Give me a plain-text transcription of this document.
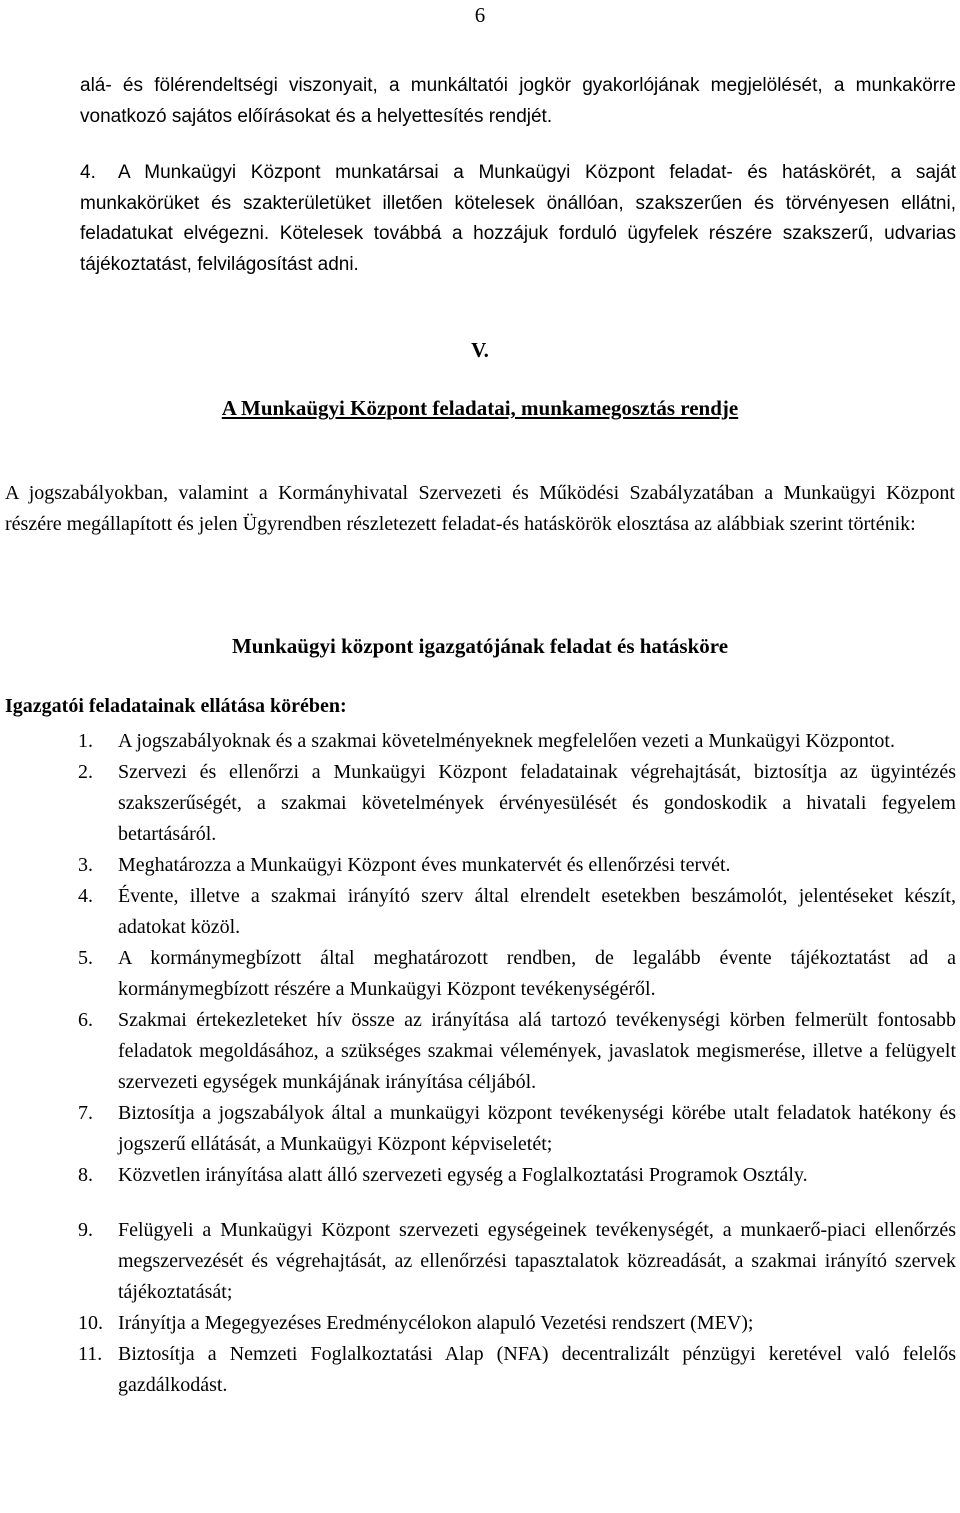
6

alá- és fölérendeltségi viszonyait, a munkáltatói jogkör gyakorlójának megjelölését, a munkakörre vonatkozó sajátos előírásokat és a helyettesítés rendjét.

4. A Munkaügyi Központ munkatársai a Munkaügyi Központ feladat- és hatáskörét, a saját munkakörüket és szakterületüket illetően kötelesek önállóan, szakszerűen és törvényesen ellátni, feladatukat elvégezni. Kötelesek továbbá a hozzájuk forduló ügyfelek részére szakszerű, udvarias tájékoztatást, felvilágosítást adni.

V.
A Munkaügyi Központ feladatai, munkamegosztás rendje

A jogszabályokban, valamint a Kormányhivatal Szervezeti és Működési Szabályzatában a Munkaügyi Központ részére megállapított és jelen Ügyrendben részletezett feladat-és hatáskörök elosztása az alábbiak szerint történik:

Munkaügyi központ igazgatójának feladat és hatásköre
Igazgatói feladatainak ellátása körében:
1.	A jogszabályoknak és a szakmai követelményeknek megfelelően vezeti a Munkaügyi Központot.
2.	Szervezi és ellenőrzi a Munkaügyi Központ feladatainak végrehajtását, biztosítja az ügyintézés szakszerűségét, a szakmai követelmények érvényesülését és gondoskodik a hivatali fegyelem betartásáról.
3.	Meghatározza a Munkaügyi Központ éves munkatervét és ellenőrzési tervét.
4.	Évente, illetve a szakmai irányító szerv által elrendelt esetekben beszámolót, jelentéseket készít, adatokat közöl.
5.	A kormánymegbízott által meghatározott rendben, de legalább évente tájékoztatást ad a kormánymegbízott részére a Munkaügyi Központ tevékenységéről.
6.	Szakmai értekezleteket hív össze az irányítása alá tartozó tevékenységi körben felmerült fontosabb feladatok megoldásához, a szükséges szakmai vélemények, javaslatok megismerése, illetve a felügyelt szervezeti egységek munkájának irányítása céljából.
7.	Biztosítja a jogszabályok által a munkaügyi központ tevékenységi körébe utalt feladatok hatékony és jogszerű ellátását, a Munkaügyi Központ képviseletét;
8.	Közvetlen irányítása alatt álló szervezeti egység a Foglalkoztatási Programok Osztály.
9.	Felügyeli a Munkaügyi Központ szervezeti egységeinek tevékenységét, a munkaerő-piaci ellenőrzés megszervezését és végrehajtását, az ellenőrzési tapasztalatok közreadását, a szakmai irányító szervek tájékoztatását;
10. Irányítja a Megegyezéses Eredménycélokon alapuló Vezetési rendszert (MEV);
11. Biztosítja a Nemzeti Foglalkoztatási Alap (NFA) decentralizált pénzügyi keretével való felelős gazdálkodást.
